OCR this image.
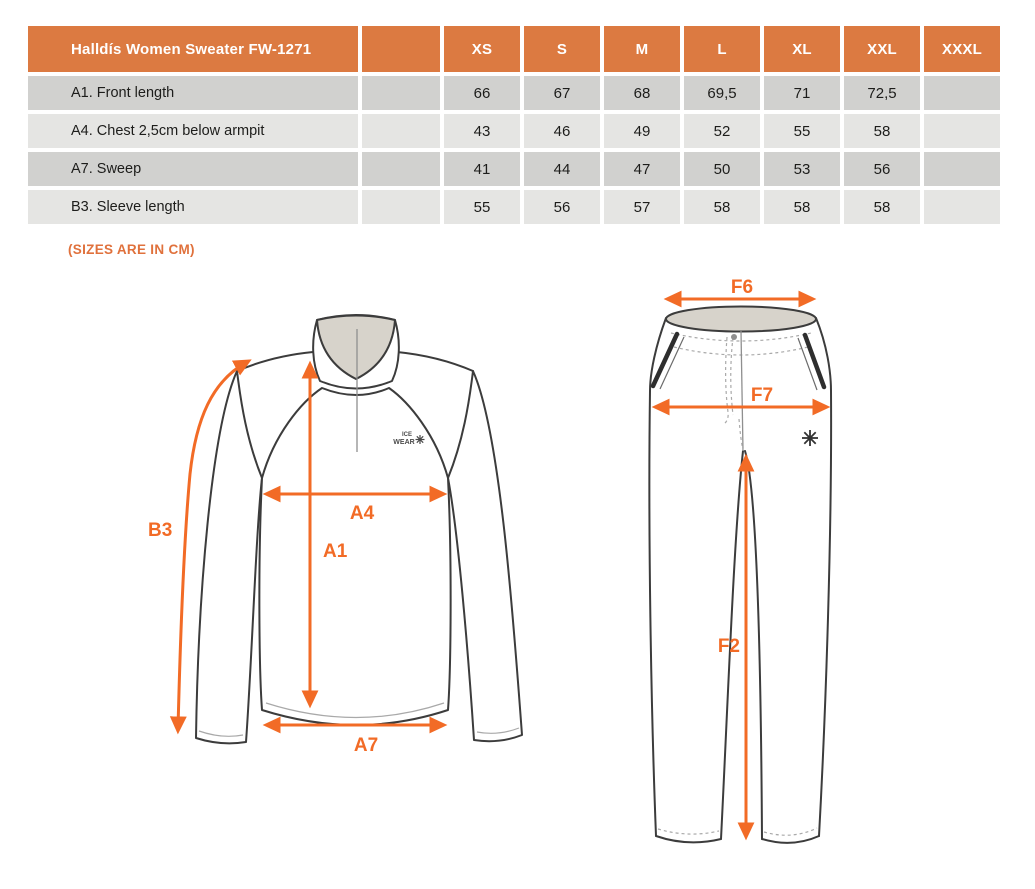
Halldís Women Sweater FW-1271		XS	S	M	L	XL	XXL	XXXL
A1. Front length		66	67	68	69,5	71	72,5	
A4. Chest 2,5cm below armpit		43	46	49	52	55	58	
A7. Sweep		41	44	47	50	53	56	
B3. Sleeve length		55	56	57	58	58	58	
(SIZES ARE IN CM)
ICE
WEAR
B3
A4
A1
A7
F6
F7
F2
